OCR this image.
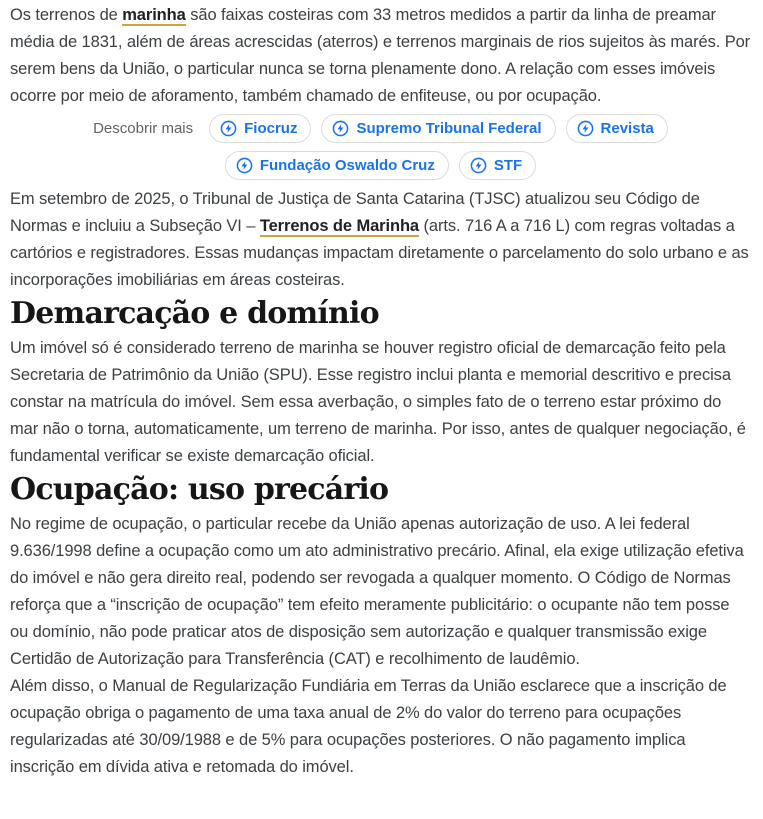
Os terrenos de marinha são faixas costeiras com 33 metros medidos a partir da linha de preamar média de 1831, além de áreas acrescidas (aterros) e terrenos marginais de rios sujeitos às marés. Por serem bens da União, o particular nunca se torna plenamente dono. A relação com esses imóveis ocorre por meio de aforamento, também chamado de enfiteuse, ou por ocupação.

Descobrir mais	Fiocruz	Supremo Tribunal Federal	Revista
Fundação Oswaldo Cruz	STF

Em setembro de 2025, o Tribunal de Justiça de Santa Catarina (TJSC) atualizou seu Código de Normas e incluiu a Subseção VI – Terrenos de Marinha (arts. 716 A a 716 L) com regras voltadas a cartórios e registradores. Essas mudanças impactam diretamente o parcelamento do solo urbano e as incorporações imobiliárias em áreas costeiras.

Demarcação e domínio

Um imóvel só é considerado terreno de marinha se houver registro oficial de demarcação feito pela Secretaria de Patrimônio da União (SPU). Esse registro inclui planta e memorial descritivo e precisa constar na matrícula do imóvel. Sem essa averbação, o simples fato de o terreno estar próximo do mar não o torna, automaticamente, um terreno de marinha. Por isso, antes de qualquer negociação, é fundamental verificar se existe demarcação oficial.

Ocupação: uso precário

No regime de ocupação, o particular recebe da União apenas autorização de uso. A lei federal 9.636/1998 define a ocupação como um ato administrativo precário. Afinal, ela exige utilização efetiva do imóvel e não gera direito real, podendo ser revogada a qualquer momento. O Código de Normas reforça que a “inscrição de ocupação” tem efeito meramente publicitário: o ocupante não tem posse ou domínio, não pode praticar atos de disposição sem autorização e qualquer transmissão exige Certidão de Autorização para Transferência (CAT) e recolhimento de laudêmio.

Além disso, o Manual de Regularização Fundiária em Terras da União esclarece que a inscrição de ocupação obriga o pagamento de uma taxa anual de 2% do valor do terreno para ocupações regularizadas até 30/09/1988 e de 5% para ocupações posteriores. O não pagamento implica inscrição em dívida ativa e retomada do imóvel.
